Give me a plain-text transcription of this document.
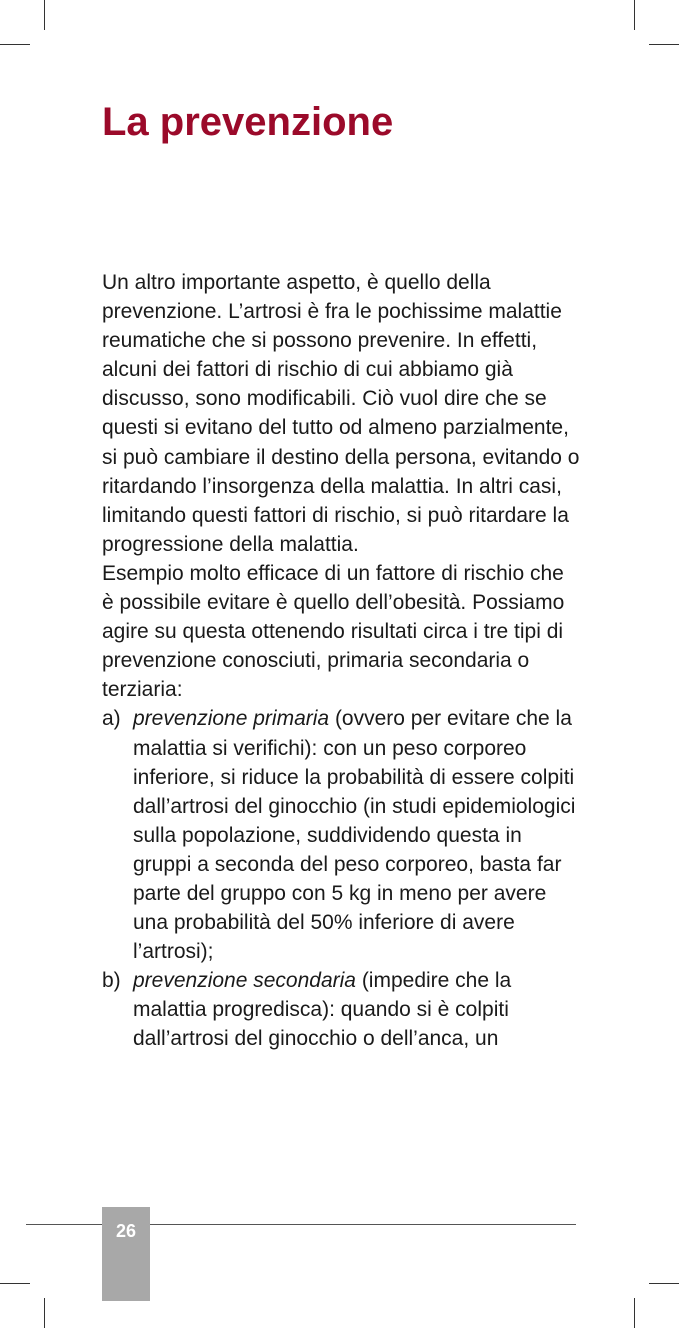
La prevenzione

Un altro importante aspetto, è quello della prevenzione. L’artrosi è fra le pochissime malattie reumatiche che si possono prevenire. In effetti, alcuni dei fattori di rischio di cui abbiamo già discusso, sono modificabili. Ciò vuol dire che se questi si evitano del tutto od almeno parzialmente, si può cambiare il destino della persona, evitando o ritardando l’insorgenza della malattia. In altri casi, limitando questi fattori di rischio, si può ritardare la progressione della malattia.

Esempio molto efficace di un fattore di rischio che è possibile evitare è quello dell’obesità. Possiamo agire su questa ottenendo risultati circa i tre tipi di prevenzione conosciuti, primaria secondaria o terziaria:

a) prevenzione primaria (ovvero per evitare che la malattia si verifichi): con un peso corporeo inferiore, si riduce la probabilità di essere colpiti dall’artrosi del ginocchio (in studi epidemiologici sulla popolazione, suddividendo questa in gruppi a seconda del peso corporeo, basta far parte del gruppo con 5 kg in meno per avere una probabilità del 50% inferiore di avere l’artrosi);
b) prevenzione secondaria (impedire che la malattia progredisca): quando si è colpiti dall’artrosi del ginocchio o dell’anca, un
26
